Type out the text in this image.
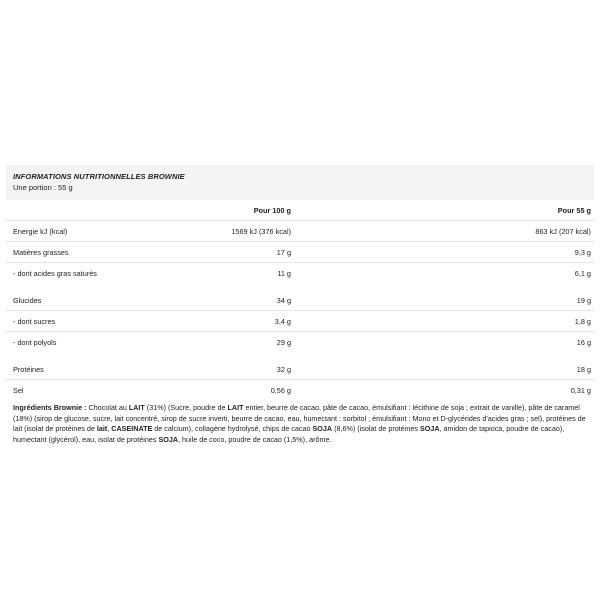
INFORMATIONS NUTRITIONNELLES BROWNIE
Une portion : 55 g
	Pour 100 g		Pour 55 g
Energie kJ (kcal)	1569 kJ (376 kcal)		863 kJ (207 kcal)
Matières grasses	17 g		9,3 g
- dont acides gras saturés	11 g		6,1 g

Glucides	34 g		19 g
- dont sucres	3,4 g		1,8 g
- dont polyols	29 g		16 g

Protéines	32 g		18 g
Sel	0,56 g		0,31 g
Ingrédients Brownie : Chocolat au LAIT (31%) (Sucre, poudre de LAIT entier, beurre de cacao, pâte de cacao, émulsifiant : lécithine de soja ; extrait de vanille), pâte de caramel (18%) (sirop de glucose, sucre, lait concentré, sirop de sucre inverti, beurre de cacao, eau, humectant : sorbitol ; émulsifiant : Mono et D-glycérides d'acides gras ; sel), protéines de lait (isolat de protéines de lait, CASEINATE de calcium), collagène hydrolysé, chips de cacao SOJA (8,6%) (isolat de protéines SOJA, amidon de tapioca, poudre de cacao), humectant (glycérol), eau, isolat de protéines SOJA, huile de coco, poudre de cacao (1,5%), arôme.
